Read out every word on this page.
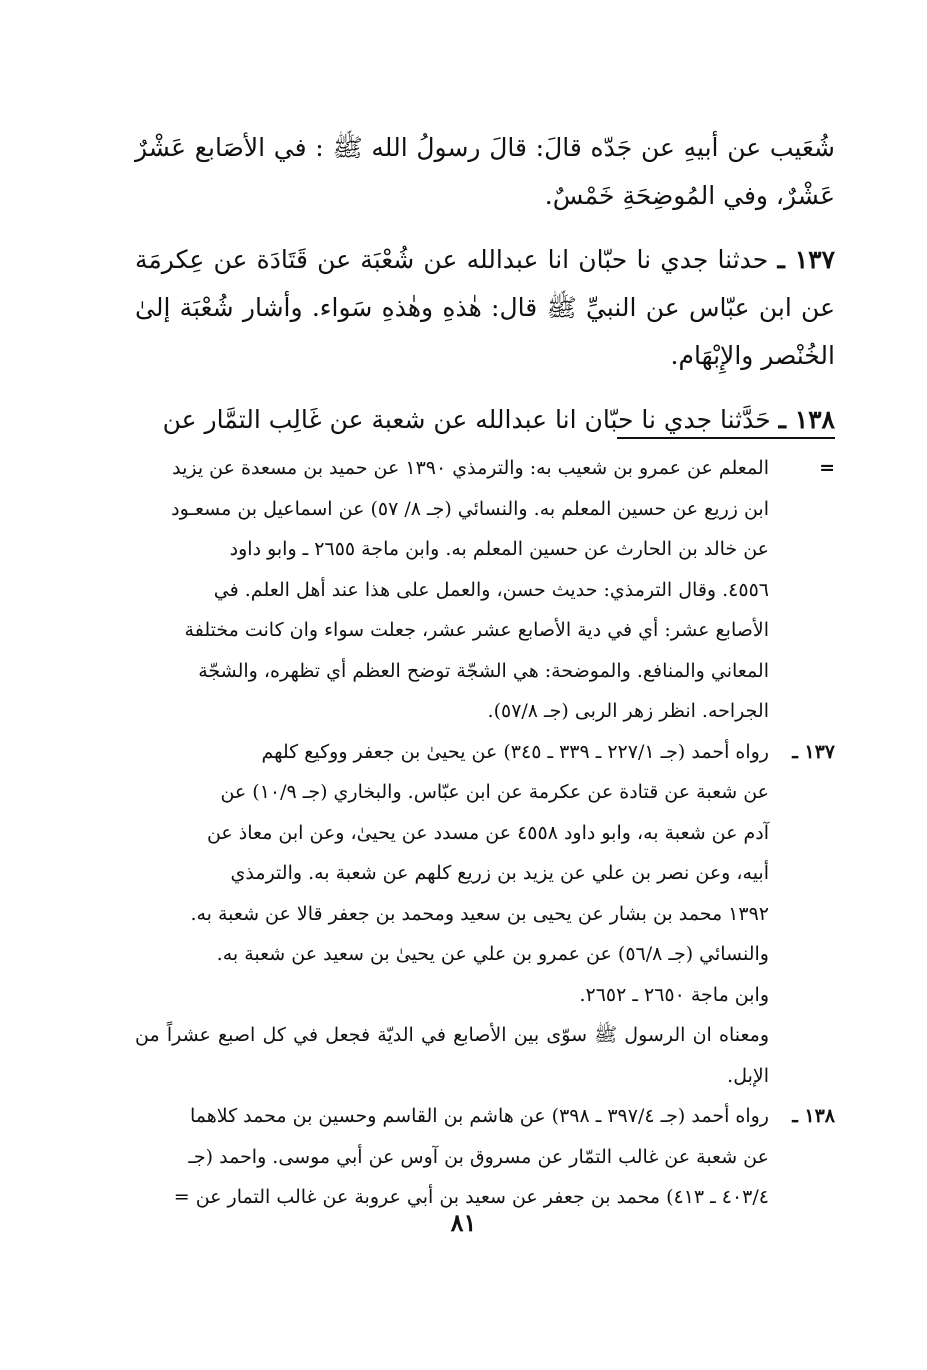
شُعَيب عن أبيهِ عن جَدّه قالَ: قالَ رسولُ الله ﷺ : في الأصَابع عَشْرٌ عَشْرٌ، وفي المُوضِحَةِ خَمْسٌ.

١٣٧ ـ حدثنا جدي نا حبّان انا عبدالله عن شُعْبَة عن قَتَادَة عن عِكرمَة عن ابن عبّاس عن النبيِّ ﷺ قال: هٰذهِ وهٰذهِ سَواء. وأشار شُعْبَة إلىٰ الخُنْصر والإِبْهَام.

١٣٨ ـ حَدَّثنا جدي نا حبّان انا عبدالله عن شعبة عن غَالِب التمَّار عن

=
المعلم عن عمرو بن شعيب به: والترمذي ١٣٩٠ عن حميد بن مسعدة عن يزيد
ابن زريع عن حسين المعلم به. والنسائي (جـ ٨/ ٥٧) عن اسماعيل بن مسعـود
عن خالد بن الحارث عن حسين المعلم به. وابن ماجة ٢٦٥٥ ـ وابو داود
٤٥٥٦. وقال الترمذي: حديث حسن، والعمل على هذا عند أهل العلم. في
الأصابع عشر: أي في دية الأصابع عشر عشر، جعلت سواء وان كانت مختلفة
المعاني والمنافع. والموضحة: هي الشجّة توضح العظم أي تظهره، والشجّة
الجراحه. انظر زهر الربى (جـ ٥٧/٨).
١٣٧ ـ
رواه أحمد (جـ ٢٢٧/١ ـ ٣٣٩ ـ ٣٤٥) عن يحيىٰ بن جعفر ووكيع كلهم
عن شعبة عن قتادة عن عكرمة عن ابن عبّاس. والبخاري (جـ ١٠/٩) عن
آدم عن شعبة به، وابو داود ٤٥٥٨ عن مسدد عن يحيىٰ، وعن ابن معاذ عن
أبيه، وعن نصر بن علي عن يزيد بن زريع كلهم عن شعبة به. والترمذي
١٣٩٢ محمد بن بشار عن يحيى بن سعيد ومحمد بن جعفر قالا عن شعبة به.
والنسائي (جـ ٥٦/٨) عن عمرو بن علي عن يحيىٰ بن سعيد عن شعبة به.
وابن ماجة ٢٦٥٠ ـ ٢٦٥٢.
ومعناه ان الرسول ﷺ سوّى بين الأصابع في الديّة فجعل في كل اصبع عشراً من الإبل.
١٣٨ ـ
رواه أحمد (جـ ٣٩٧/٤ ـ ٣٩٨) عن هاشم بن القاسم وحسين بن محمد كلاهما
عن شعبة عن غالب التمّار عن مسروق بن آوس عن أبي موسى. واحمد (جـ
٤٠٣/٤ ـ ٤١٣) محمد بن جعفر عن سعيد بن أبي عروبة عن غالب التمار عن =
٨١
